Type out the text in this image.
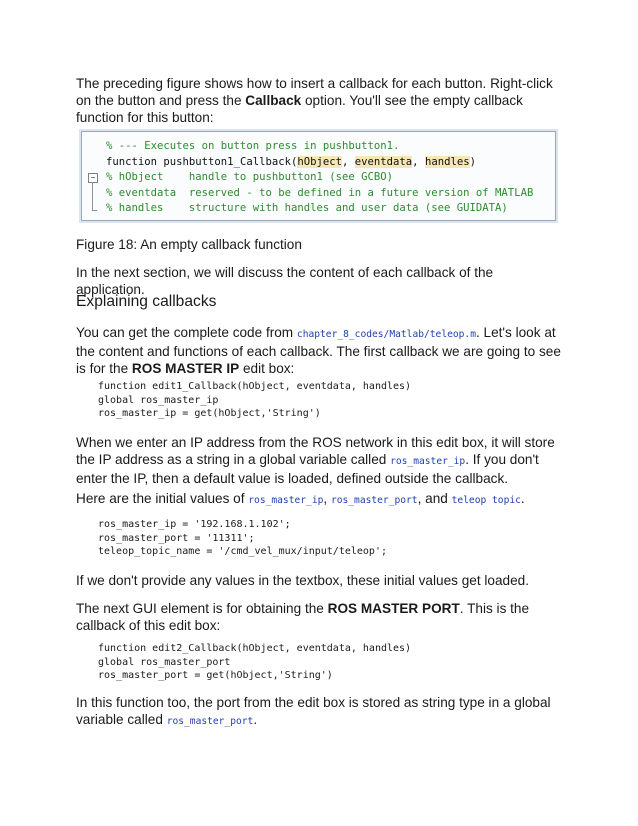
The preceding figure shows how to insert a callback for each button. Right-click on the button and press the Callback option. You'll see the empty callback function for this button:

% --- Executes on button press in pushbutton1.
function pushbutton1_Callback(hObject, eventdata, handles)
− % hObject    handle to pushbutton1 (see GCBO)
% eventdata  reserved - to be defined in a future version of MATLAB
% handles    structure with handles and user data (see GUIDATA)

Figure 18: An empty callback function

In the next section, we will discuss the content of each callback of the application.

Explaining callbacks

You can get the complete code from chapter_8_codes/Matlab/teleop.m. Let's look at the content and functions of each callback. The first callback we are going to see is for the ROS MASTER IP edit box:

function edit1_Callback(hObject, eventdata, handles)
global ros_master_ip
ros_master_ip = get(hObject,'String')

When we enter an IP address from the ROS network in this edit box, it will store the IP address as a string in a global variable called ros_master_ip. If you don't enter the IP, then a default value is loaded, defined outside the callback.

Here are the initial values of ros_master_ip, ros_master_port, and teleop topic.

ros_master_ip = '192.168.1.102';
ros_master_port = '11311';
teleop_topic_name = '/cmd_vel_mux/input/teleop';

If we don't provide any values in the textbox, these initial values get loaded.

The next GUI element is for obtaining the ROS MASTER PORT. This is the callback of this edit box:

function edit2_Callback(hObject, eventdata, handles)
global ros_master_port
ros_master_port = get(hObject,'String')

In this function too, the port from the edit box is stored as string type in a global variable called ros_master_port.
